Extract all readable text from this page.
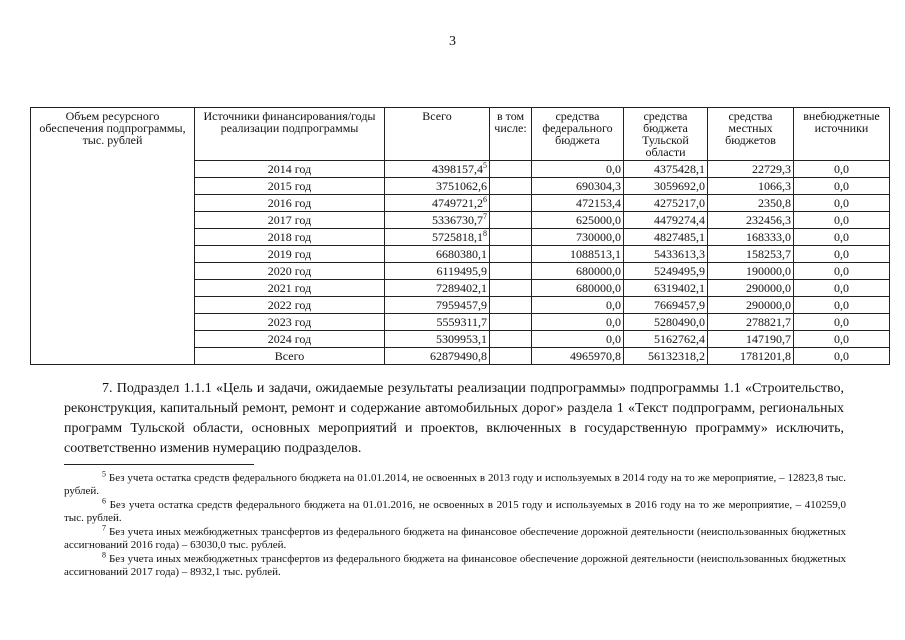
3
Объем ресурсного обеспечения подпрограммы, тыс. рублей	Источники финансирования/годы реализации подпрограммы	Всего	в том числе:	средства федерального бюджета	средства бюджета Тульской области	средства местных бюджетов	внебюджетные источники
	2014 год	4398157,4$^5$		0,0	4375428,1	22729,3	0,0
	2015 год	3751062,6		690304,3	3059692,0	1066,3	0,0
	2016 год	4749721,2$^6$		472153,4	4275217,0	2350,8	0,0
	2017 год	5336730,7$^7$		625000,0	4479274,4	232456,3	0,0
	2018 год	5725818,1$^8$		730000,0	4827485,1	168333,0	0,0
	2019 год	6680380,1		1088513,1	5433613,3	158253,7	0,0
	2020 год	6119495,9		680000,0	5249495,9	190000,0	0,0
	2021 год	7289402,1		680000,0	6319402,1	290000,0	0,0
	2022 год	7959457,9		0,0	7669457,9	290000,0	0,0
	2023 год	5559311,7		0,0	5280490,0	278821,7	0,0
	2024 год	5309953,1		0,0	5162762,4	147190,7	0,0
	Всего	62879490,8		4965970,8	56132318,2	1781201,8	0,0
7. Подраздел 1.1.1 «Цель и задачи, ожидаемые результаты реализации подпрограммы» подпрограммы 1.1 «Строительство, реконструкция, капитальный ремонт, ремонт и содержание автомобильных дорог» раздела 1 «Текст подпрограмм, региональных программ Тульской области, основных мероприятий и проектов, включенных в государственную программу» исключить, соответственно изменив нумерацию подразделов.
$^5$ Без учета остатка средств федерального бюджета на 01.01.2014, не освоенных в 2013 году и используемых в 2014 году на то же мероприятие, – 12823,8 тыс. рублей.
$^6$ Без учета остатка средств федерального бюджета на 01.01.2016, не освоенных в 2015 году и используемых в 2016 году на то же мероприятие, – 410259,0 тыс. рублей.
$^7$ Без учета иных межбюджетных трансфертов из федерального бюджета на финансовое обеспечение дорожной деятельности (неиспользованных бюджетных ассигнований 2016 года) – 63030,0 тыс. рублей.
$^8$ Без учета иных межбюджетных трансфертов из федерального бюджета на финансовое обеспечение дорожной деятельности (неиспользованных бюджетных ассигнований 2017 года) – 8932,1 тыс. рублей.
